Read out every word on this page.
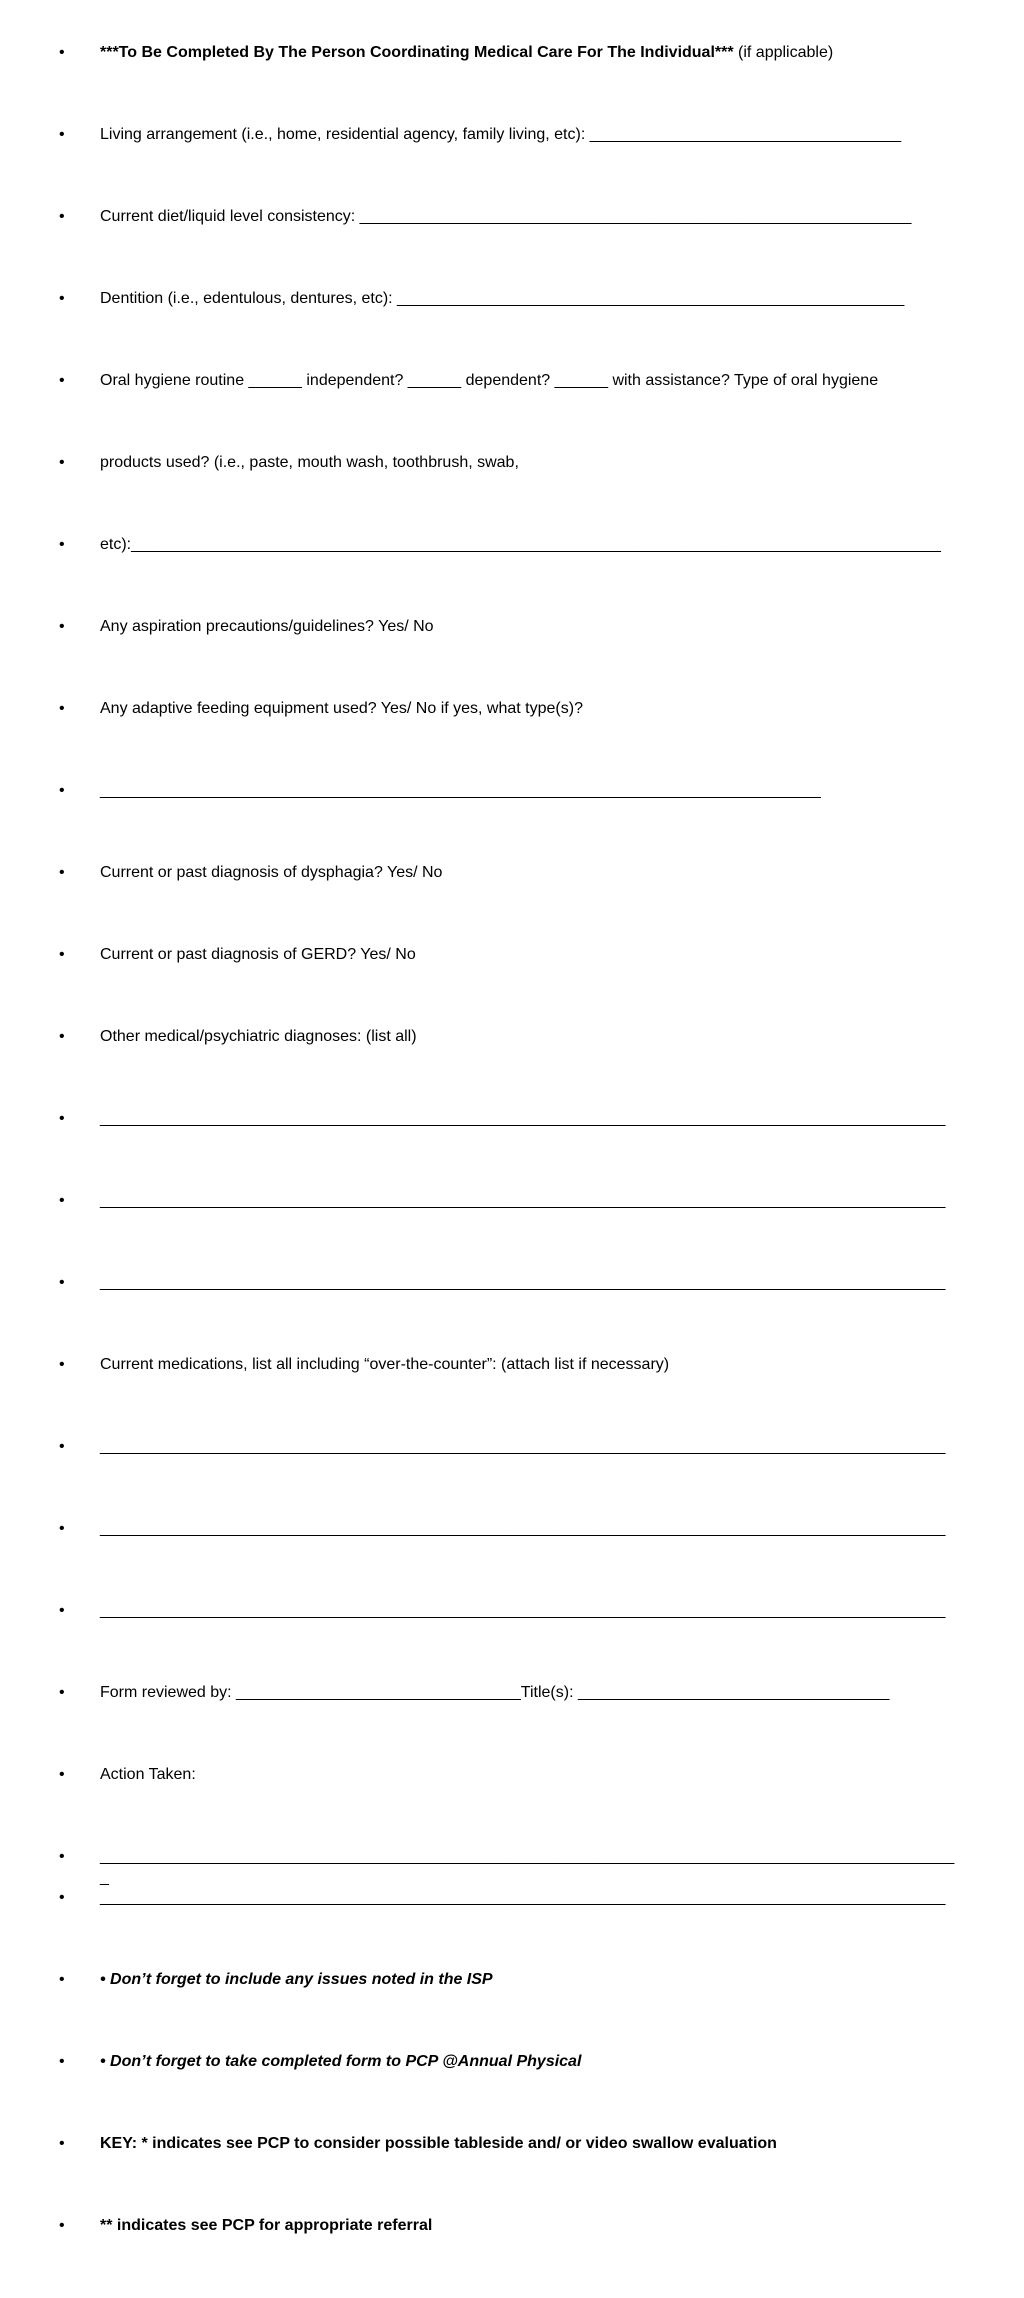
•

***To Be Completed By The Person Coordinating Medical Care For The Individual*** (if applicable)

•

Living arrangement (i.e., home, residential agency, family living, etc): ___________________________________

•

Current diet/liquid level consistency: ______________________________________________________________

•

Dentition (i.e., edentulous, dentures, etc): _________________________________________________________

•

Oral hygiene routine ______ independent? ______ dependent? ______ with assistance? Type of oral hygiene

•

products used? (i.e., paste, mouth wash, toothbrush, swab,

•

etc):___________________________________________________________________________________________

•

Any aspiration precautions/guidelines? Yes/ No

•

Any adaptive feeding equipment used? Yes/ No if yes, what type(s)?

•

_________________________________________________________________________________

•

Current or past diagnosis of dysphagia? Yes/ No

•

Current or past diagnosis of GERD? Yes/ No

•

Other medical/psychiatric diagnoses: (list all)

•

_______________________________________________________________________________________________

•

_______________________________________________________________________________________________

•

_______________________________________________________________________________________________

•

Current medications, list all including “over-the-counter”: (attach list if necessary)

•

_______________________________________________________________________________________________

•

_______________________________________________________________________________________________

•

_______________________________________________________________________________________________

•

Form reviewed by: ________________________________Title(s): ___________________________________

•

Action Taken:

•

_________________________________________________________________________________________________

•

_______________________________________________________________________________________________

•

• Don’t forget to include any issues noted in the ISP

•

• Don’t forget to take completed form to PCP @Annual Physical

•

KEY: * indicates see PCP to consider possible tableside and/ or video swallow evaluation

•

** indicates see PCP for appropriate referral
